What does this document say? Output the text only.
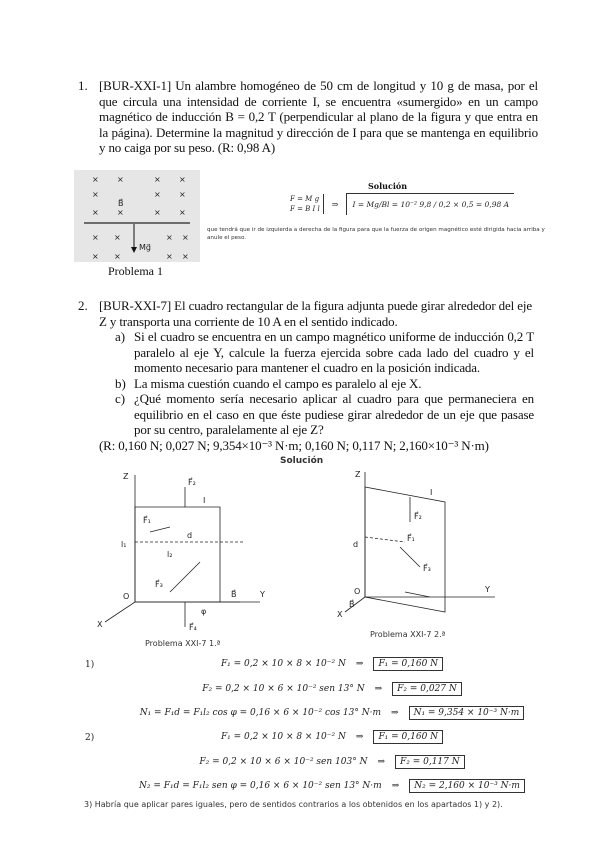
1. [BUR-XXI-1] Un alambre homogéneo de 50 cm de longitud y 10 g de masa, por el que circula una intensidad de corriente I, se encuentra «sumergido» en un campo magnético de inducción B = 0,2 T (perpendicular al plano de la figura y que entra en la página). Determine la magnitud y dirección de I para que se mantenga en equilibrio y no caiga por su peso. (R: 0,98 A)
× ×	× ×
×	× ×
× ×	× ×
× ×	× ×
× ×	× ×
B⃗
Mg⃗
Problema 1
Solución
F = M g
F = B I l
⇒	I = Mg/Bl = 10⁻² 9,8 / 0,2 × 0,5 = 0,98 A
que tendrá que ir de izquierda a derecha de la figura para que la fuerza de origen magnético esté dirigida hacia arriba y anule el peso.
2. [BUR-XXI-7] El cuadro rectangular de la figura adjunta puede girar alrededor del eje Z y transporta una corriente de 10 A en el sentido indicado.
a) Si el cuadro se encuentra en un campo magnético uniforme de inducción 0,2 T paralelo al eje Y, calcule la fuerza ejercida sobre cada lado del cuadro y el momento necesario para mantener el cuadro en la posición indicada.
b) La misma cuestión cuando el campo es paralelo al eje X.
c) ¿Qué momento sería necesario aplicar al cuadro para que permaneciera en equilibrio en el caso en que éste pudiese girar alrededor de un eje que pasase por su centro, paralelamente al eje Z?
(R: 0,160 N; 0,027 N; 9,354×10⁻³ N·m; 0,160 N; 0,117 N; 2,160×10⁻³ N·m)
Solución
Z
Y
X
O
F⃗₂
I
F⃗₁
l₁
d
l₂
F⃗₃
B⃗
φ
F⃗₄
Problema XXI-7 1.ª
Z
Y
X
O
I
F⃗₂
F⃗₁
d
F⃗₃
B⃗
Problema XXI-7 2.ª
1)	F₁ = 0,2 × 10 × 8 × 10⁻² N ⇒	F₁ = 0,160 N
F₂ = 0,2 × 10 × 6 × 10⁻² sen 13° N ⇒	F₂ = 0,027 N
N₁ = F₁d = F₁l₂ cos φ = 0,16 × 6 × 10⁻² cos 13° N·m ⇒	N₁ = 9,354 × 10⁻³ N·m
2)	F₁ = 0,2 × 10 × 8 × 10⁻² N ⇒	F₁ = 0,160 N
F₂ = 0,2 × 10 × 6 × 10⁻² sen 103° N ⇒	F₂ = 0,117 N
N₂ = F₁d = F₁l₂ sen φ = 0,16 × 6 × 10⁻² sen 13° N·m ⇒	N₂ = 2,160 × 10⁻³ N·m
3) Habría que aplicar pares iguales, pero de sentidos contrarios a los obtenidos en los apartados 1) y 2).
